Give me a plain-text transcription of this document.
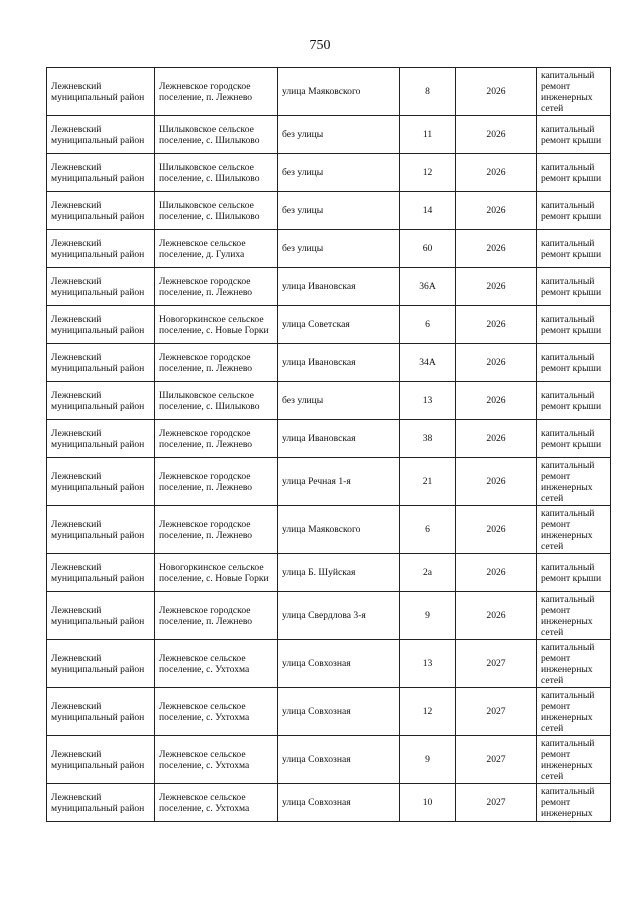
750
Лежневский муниципальный район	Лежневское городское поселение, п. Лежнево	улица Маяковского	8	2026	капитальный ремонт инженерных сетей
Лежневский муниципальный район	Шилыковское сельское поселение, с. Шилыково	без улицы	11	2026	капитальный ремонт крыши
Лежневский муниципальный район	Шилыковское сельское поселение, с. Шилыково	без улицы	12	2026	капитальный ремонт крыши
Лежневский муниципальный район	Шилыковское сельское поселение, с. Шилыково	без улицы	14	2026	капитальный ремонт крыши
Лежневский муниципальный район	Лежневское сельское поселение, д. Гулиха	без улицы	60	2026	капитальный ремонт крыши
Лежневский муниципальный район	Лежневское городское поселение, п. Лежнево	улица Ивановская	36А	2026	капитальный ремонт крыши
Лежневский муниципальный район	Новогоркинское сельское поселение, с. Новые Горки	улица Советская	6	2026	капитальный ремонт крыши
Лежневский муниципальный район	Лежневское городское поселение, п. Лежнево	улица Ивановская	34А	2026	капитальный ремонт крыши
Лежневский муниципальный район	Шилыковское сельское поселение, с. Шилыково	без улицы	13	2026	капитальный ремонт крыши
Лежневский муниципальный район	Лежневское городское поселение, п. Лежнево	улица Ивановская	38	2026	капитальный ремонт крыши
Лежневский муниципальный район	Лежневское городское поселение, п. Лежнево	улица Речная 1-я	21	2026	капитальный ремонт инженерных сетей
Лежневский муниципальный район	Лежневское городское поселение, п. Лежнево	улица Маяковского	6	2026	капитальный ремонт инженерных сетей
Лежневский муниципальный район	Новогоркинское сельское поселение, с. Новые Горки	улица Б. Шуйская	2а	2026	капитальный ремонт крыши
Лежневский муниципальный район	Лежневское городское поселение, п. Лежнево	улица Свердлова 3-я	9	2026	капитальный ремонт инженерных сетей
Лежневский муниципальный район	Лежневское сельское поселение, с. Ухтохма	улица Совхозная	13	2027	капитальный ремонт инженерных сетей
Лежневский муниципальный район	Лежневское сельское поселение, с. Ухтохма	улица Совхозная	12	2027	капитальный ремонт инженерных сетей
Лежневский муниципальный район	Лежневское сельское поселение, с. Ухтохма	улица Совхозная	9	2027	капитальный ремонт инженерных сетей
Лежневский муниципальный район	Лежневское сельское поселение, с. Ухтохма	улица Совхозная	10	2027	капитальный ремонт инженерных
